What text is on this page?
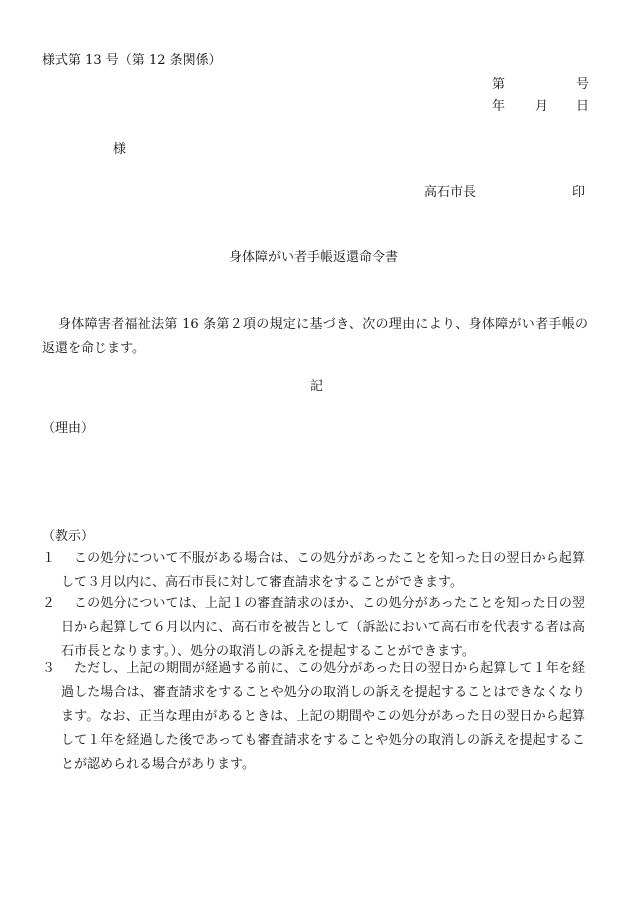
様式第 13 号（第 12 条関係）
第	号
年 月 日
様
高石市長	印
身体障がい者手帳返還命令書
身体障害者福祉法第 16 条第２項の規定に基づき、次の理由により、身体障がい者手帳の返還を命じます。
記
（理由）
（教示）
１	この処分について不服がある場合は、この処分があったことを知った日の翌日から起算して３月以内に、高石市長に対して審査請求をすることができます。
２	この処分については、上記１の審査請求のほか、この処分があったことを知った日の翌日から起算して６月以内に、高石市を被告として（訴訟において高石市を代表する者は高石市長となります。）、処分の取消しの訴えを提起することができます。
３	ただし、上記の期間が経過する前に、この処分があった日の翌日から起算して１年を経過した場合は、審査請求をすることや処分の取消しの訴えを提起することはできなくなります。なお、正当な理由があるときは、上記の期間やこの処分があった日の翌日から起算して１年を経過した後であっても審査請求をすることや処分の取消しの訴えを提起することが認められる場合があります。
